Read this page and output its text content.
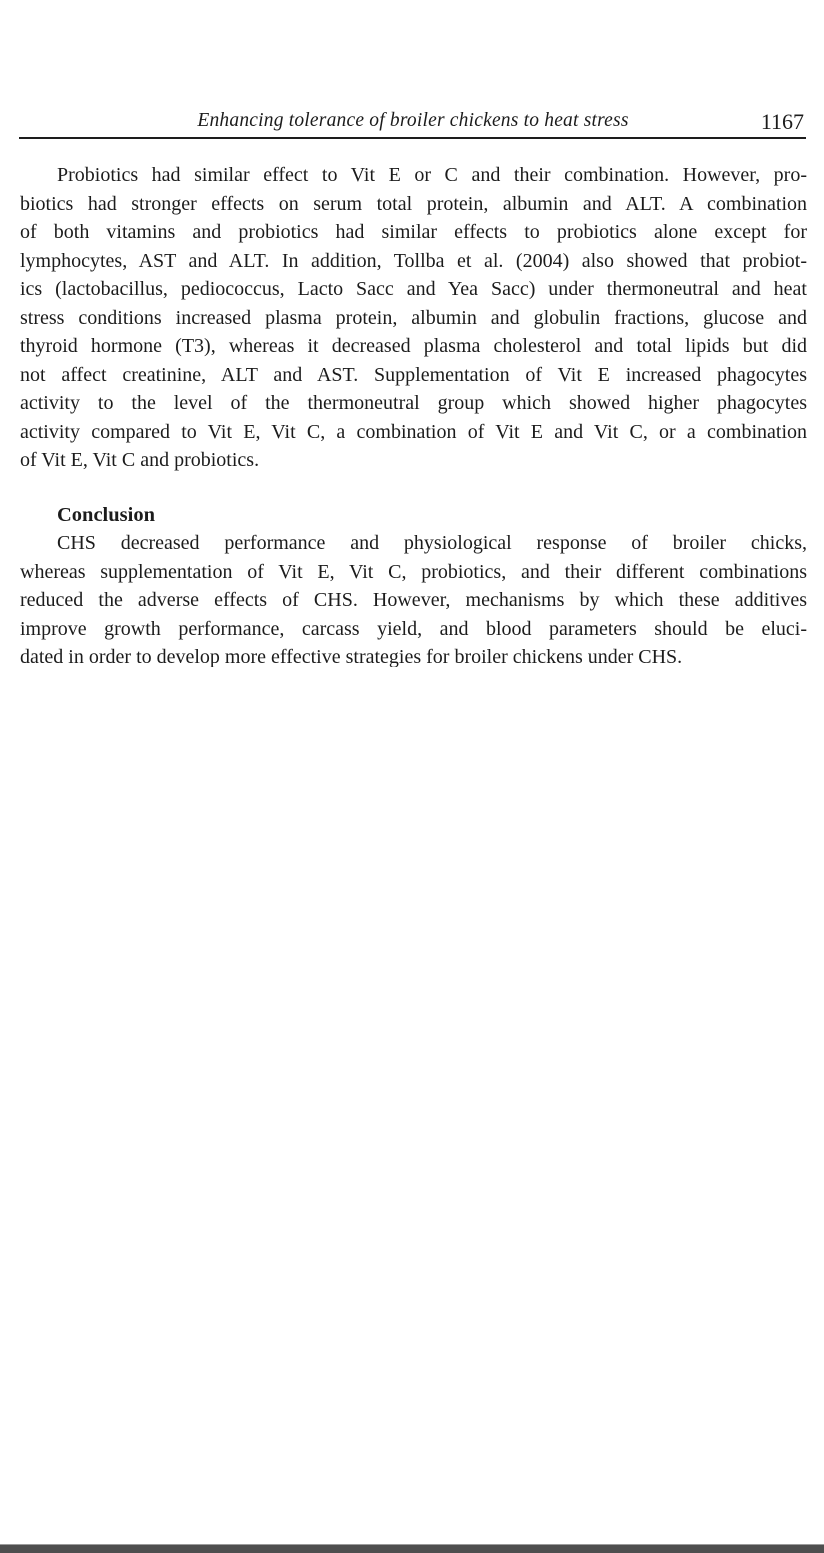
Enhancing tolerance of broiler chickens to heat stress	1167
Probiotics had similar effect to Vit E or C and their combination. However, pro-
biotics had stronger effects on serum total protein, albumin and ALT. A combination
of both vitamins and probiotics had similar effects to probiotics alone except for
lymphocytes, AST and ALT. In addition, Tollba et al. (2004) also showed that probiot-
ics (lactobacillus, pediococcus, Lacto Sacc and Yea Sacc) under thermoneutral and heat
stress conditions increased plasma protein, albumin and globulin fractions, glucose and
thyroid hormone (T3), whereas it decreased plasma cholesterol and total lipids but did
not affect creatinine, ALT and AST. Supplementation of Vit E increased phagocytes
activity to the level of the thermoneutral group which showed higher phagocytes
activity compared to Vit E, Vit C, a combination of Vit E and Vit C, or a combination
of Vit E, Vit C and probiotics.
Conclusion
CHS decreased performance and physiological response of broiler chicks,
whereas supplementation of Vit E, Vit C, probiotics, and their different combinations
reduced the adverse effects of CHS. However, mechanisms by which these additives
improve growth performance, carcass yield, and blood parameters should be eluci-
dated in order to develop more effective strategies for broiler chickens under CHS.
